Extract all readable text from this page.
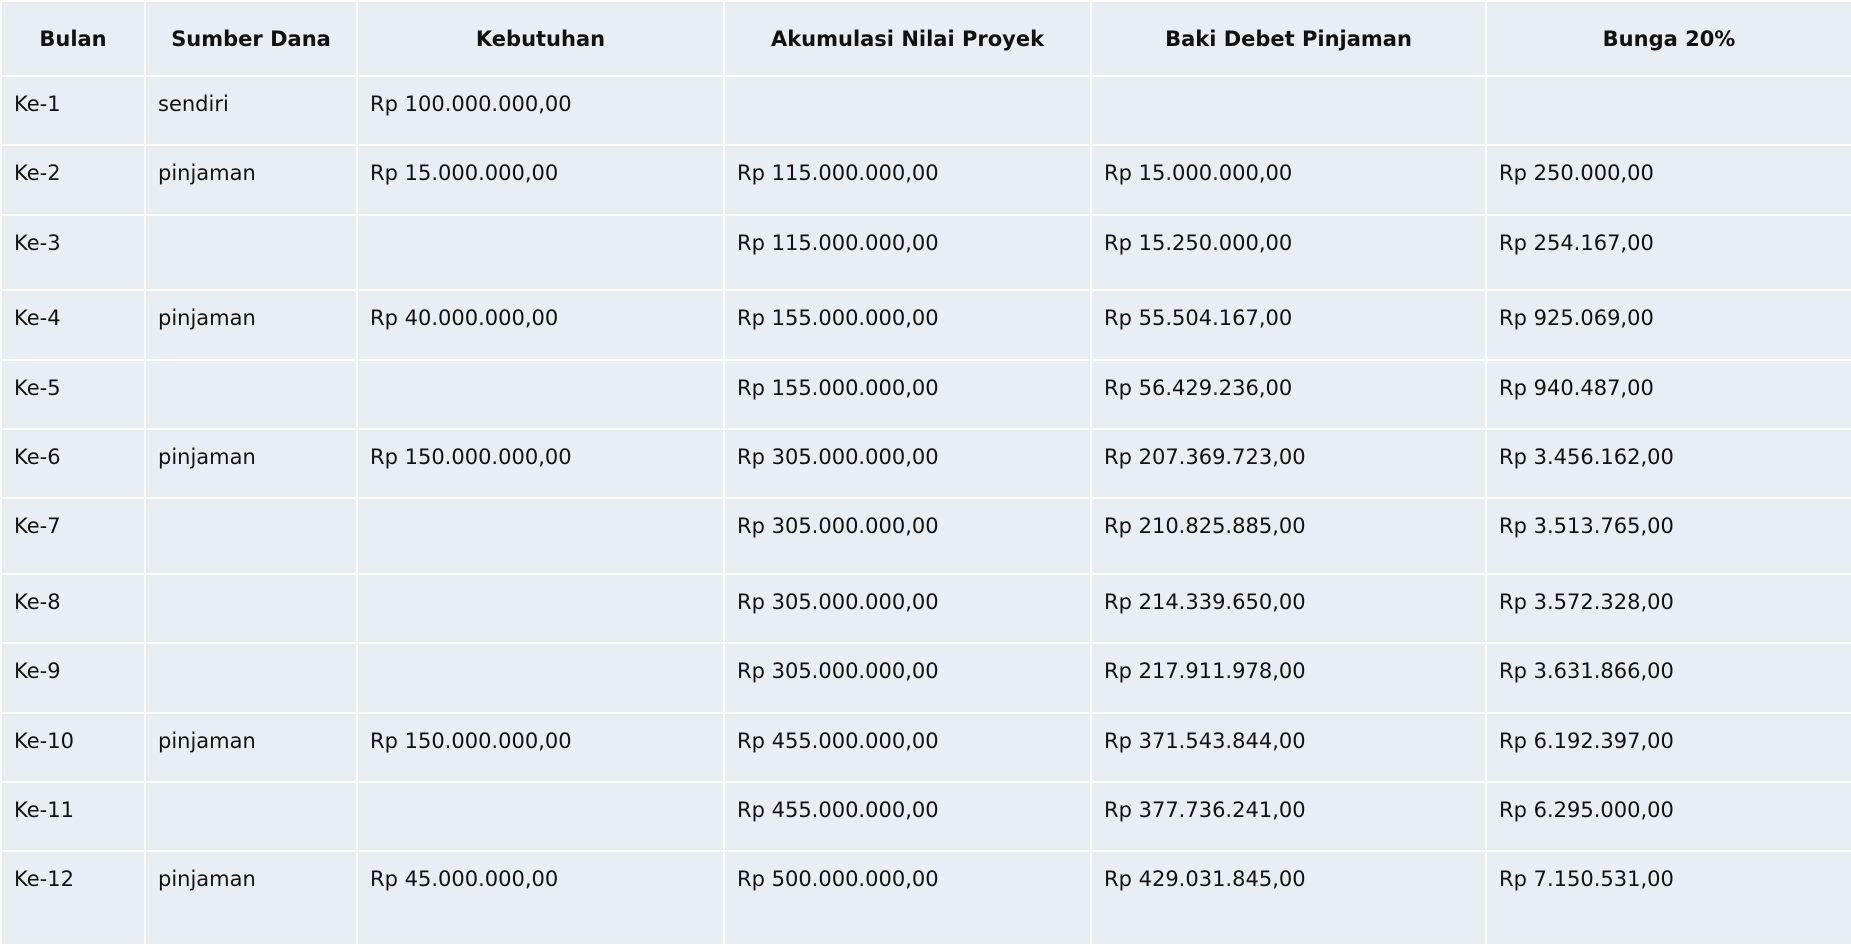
Bulan	Sumber Dana	Kebutuhan	Akumulasi Nilai Proyek	Baki Debet Pinjaman	Bunga 20%
Ke-1	sendiri	Rp 100.000.000,00			
Ke-2	pinjaman	Rp 15.000.000,00	Rp 115.000.000,00	Rp 15.000.000,00	Rp 250.000,00
Ke-3			Rp 115.000.000,00	Rp 15.250.000,00	Rp 254.167,00
Ke-4	pinjaman	Rp 40.000.000,00	Rp 155.000.000,00	Rp 55.504.167,00	Rp 925.069,00
Ke-5			Rp 155.000.000,00	Rp 56.429.236,00	Rp 940.487,00
Ke-6	pinjaman	Rp 150.000.000,00	Rp 305.000.000,00	Rp 207.369.723,00	Rp 3.456.162,00
Ke-7			Rp 305.000.000,00	Rp 210.825.885,00	Rp 3.513.765,00
Ke-8			Rp 305.000.000,00	Rp 214.339.650,00	Rp 3.572.328,00
Ke-9			Rp 305.000.000,00	Rp 217.911.978,00	Rp 3.631.866,00
Ke-10	pinjaman	Rp 150.000.000,00	Rp 455.000.000,00	Rp 371.543.844,00	Rp 6.192.397,00
Ke-11			Rp 455.000.000,00	Rp 377.736.241,00	Rp 6.295.000,00
Ke-12	pinjaman	Rp 45.000.000,00	Rp 500.000.000,00	Rp 429.031.845,00	Rp 7.150.531,00
